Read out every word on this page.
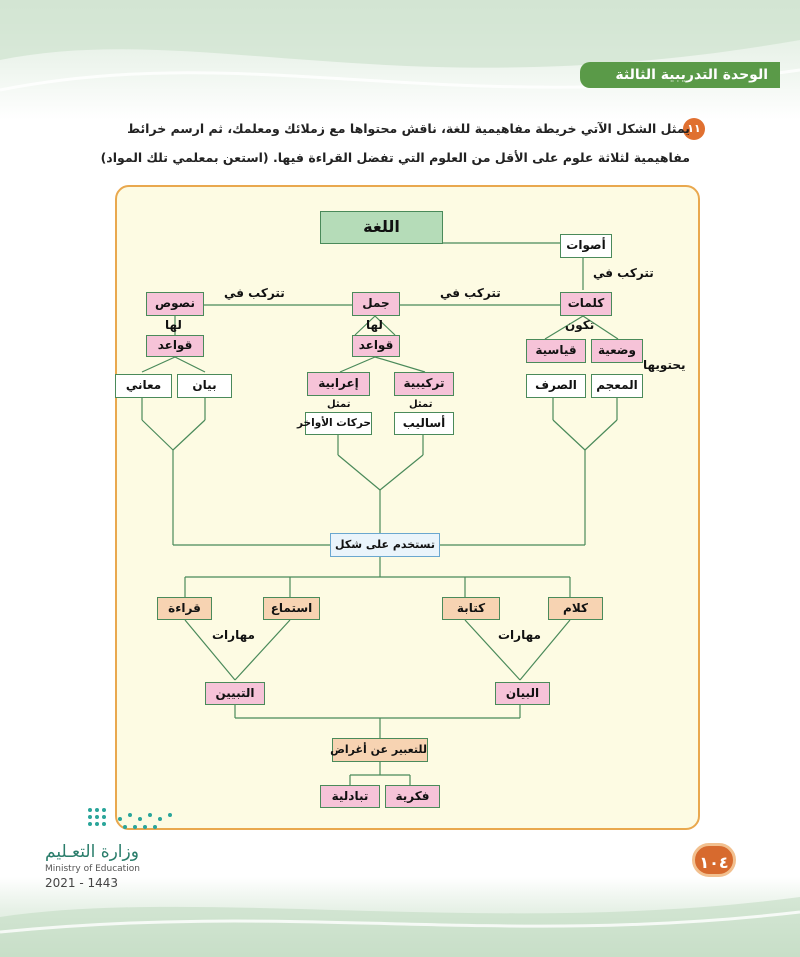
الوحدة التدريبية الثالثة
١١
يمثل الشكل الآتي خريطة مفاهيمية للغة، ناقش محتواها مع زملائك ومعلمك، ثم ارسم خرائط
مفاهيمية لثلاثة علوم على الأقل من العلوم التي تفضل القراءة فيها. (استعن بمعلمي تلك المواد)
اللغة
أصوات
تتركب في
كلمات
جمل
نصوص
تتركب في
تتركب في
تكون
وضعية
قياسية
يحتويها
المعجم
الصرف
لها
قواعد
لها
قواعد
بيان
معاني	تركيبية
إعرابية
تمثل
تمثل
أساليب
حركات الأواخر
تستخدم على شكل
كلام
كتابة
استماع
قراءة
مهارات
مهارات
البيان
التبيين
للتعبير عن أغراض
فكرية
تبادلية
وزارة التعـليم
Ministry of Education
2021 - 1443
١٠٤
